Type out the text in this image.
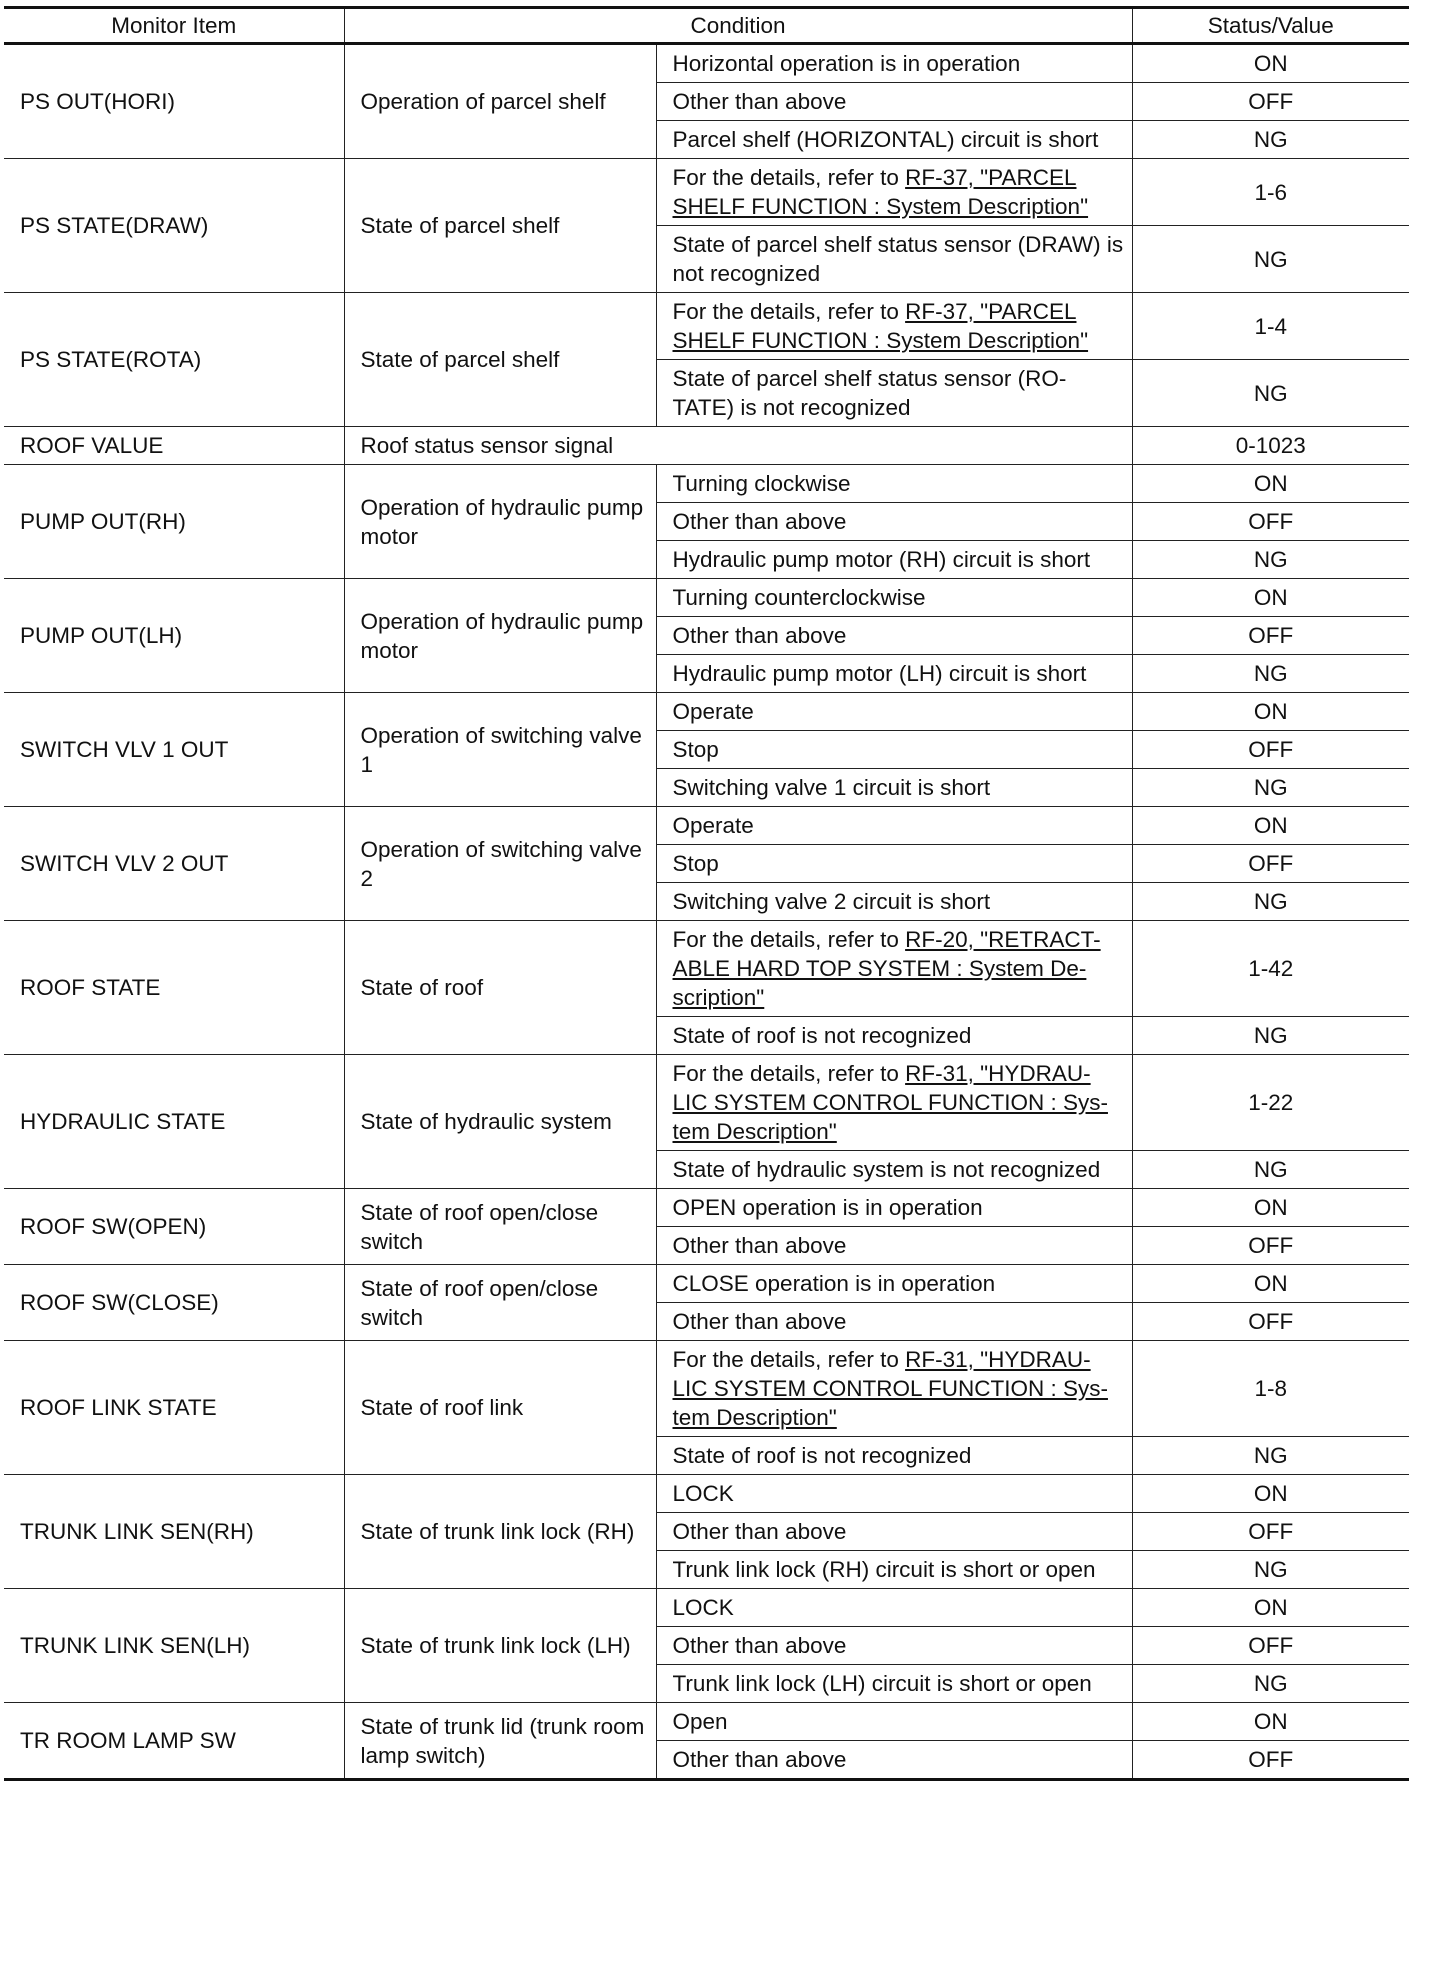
Monitor Item	Condition		Status/Value
PS OUT(HORI)	Operation of parcel shelf	Horizontal operation is in operation	ON
		Other than above	OFF
		Parcel shelf (HORIZONTAL) circuit is short	NG
PS STATE(DRAW)	State of parcel shelf	For the details, refer to RF-37, "PARCEL SHELF FUNCTION : System Description"	1-6
		State of parcel shelf status sensor (DRAW) is not recognized	NG
PS STATE(ROTA)	State of parcel shelf	For the details, refer to RF-37, "PARCEL SHELF FUNCTION : System Description"	1-4
		State of parcel shelf status sensor (RO-TATE) is not recognized	NG
ROOF VALUE	Roof status sensor signal		0-1023
PUMP OUT(RH)	Operation of hydraulic pump motor	Turning clockwise	ON
		Other than above	OFF
		Hydraulic pump motor (RH) circuit is short	NG
PUMP OUT(LH)	Operation of hydraulic pump motor	Turning counterclockwise	ON
		Other than above	OFF
		Hydraulic pump motor (LH) circuit is short	NG
SWITCH VLV 1 OUT	Operation of switching valve 1	Operate	ON
		Stop	OFF
		Switching valve 1 circuit is short	NG
SWITCH VLV 2 OUT	Operation of switching valve 2	Operate	ON
		Stop	OFF
		Switching valve 2 circuit is short	NG
ROOF STATE	State of roof	For the details, refer to RF-20, "RETRACT-ABLE HARD TOP SYSTEM : System De-scription"	1-42
		State of roof is not recognized	NG
HYDRAULIC STATE	State of hydraulic system	For the details, refer to RF-31, "HYDRAU-LIC SYSTEM CONTROL FUNCTION : Sys-tem Description"	1-22
		State of hydraulic system is not recognized	NG
ROOF SW(OPEN)	State of roof open/close switch	OPEN operation is in operation	ON
		Other than above	OFF
ROOF SW(CLOSE)	State of roof open/close switch	CLOSE operation is in operation	ON
		Other than above	OFF
ROOF LINK STATE	State of roof link	For the details, refer to RF-31, "HYDRAU-LIC SYSTEM CONTROL FUNCTION : Sys-tem Description"	1-8
		State of roof is not recognized	NG
TRUNK LINK SEN(RH)	State of trunk link lock (RH)	LOCK	ON
		Other than above	OFF
		Trunk link lock (RH) circuit is short or open	NG
TRUNK LINK SEN(LH)	State of trunk link lock (LH)	LOCK	ON
		Other than above	OFF
		Trunk link lock (LH) circuit is short or open	NG
TR ROOM LAMP SW	State of trunk lid (trunk room lamp switch)	Open	ON
		Other than above	OFF
